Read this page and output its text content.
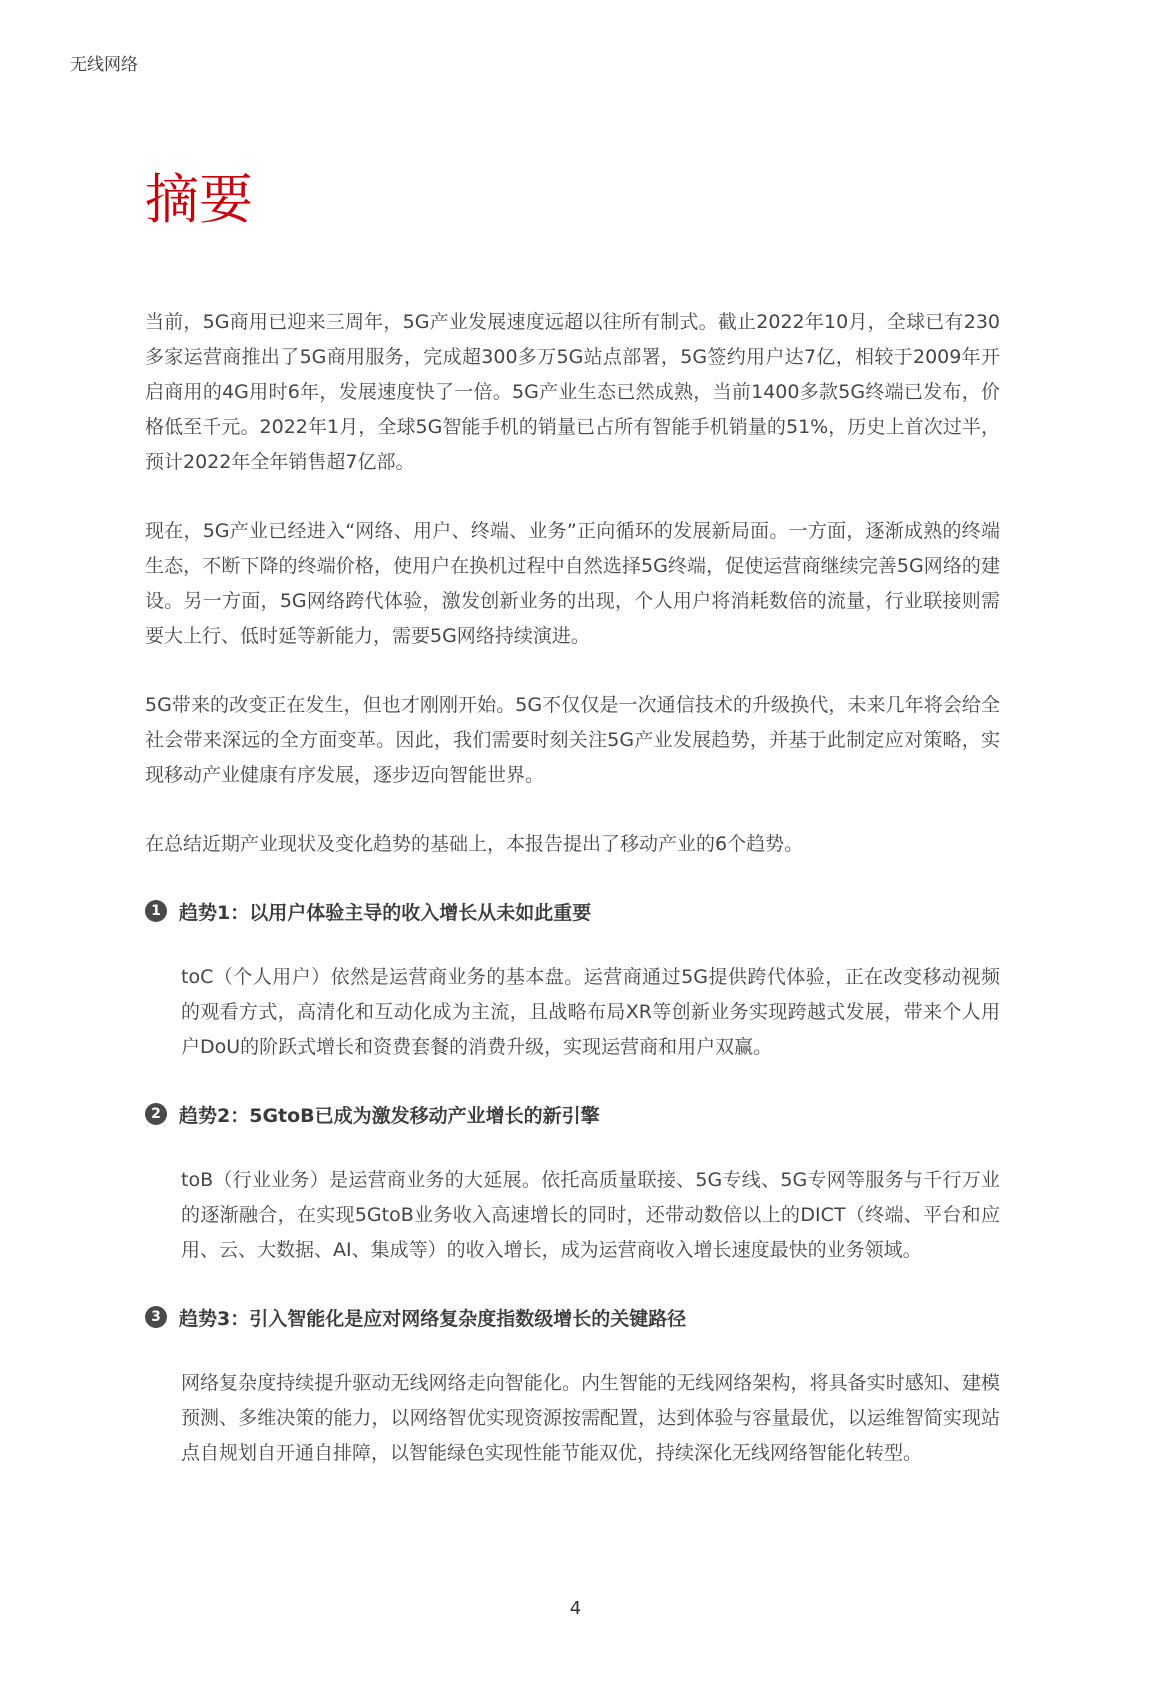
无线网络
摘要

当前，5G商用已迎来三周年，5G产业发展速度远超以往所有制式。截止2022年10月，全球已有230多家运营商推出了5G商用服务，完成超300多万5G站点部署，5G签约用户达7亿，相较于2009年开启商用的4G用时6年，发展速度快了一倍。5G产业生态已然成熟，当前1400多款5G终端已发布，价格低至千元。2022年1月，全球5G智能手机的销量已占所有智能手机销量的51%，历史上首次过半，预计2022年全年销售超7亿部。

现在，5G产业已经进入“网络、用户、终端、业务”正向循环的发展新局面。一方面，逐渐成熟的终端生态，不断下降的终端价格，使用户在换机过程中自然选择5G终端，促使运营商继续完善5G网络的建设。另一方面，5G网络跨代体验，激发创新业务的出现，个人用户将消耗数倍的流量，行业联接则需要大上行、低时延等新能力，需要5G网络持续演进。

5G带来的改变正在发生，但也才刚刚开始。5G不仅仅是一次通信技术的升级换代，未来几年将会给全社会带来深远的全方面变革。因此，我们需要时刻关注5G产业发展趋势，并基于此制定应对策略，实现移动产业健康有序发展，逐步迈向智能世界。

在总结近期产业现状及变化趋势的基础上，本报告提出了移动产业的6个趋势。

1 趋势1：以用户体验主导的收入增长从未如此重要

toC（个人用户）依然是运营商业务的基本盘。运营商通过5G提供跨代体验，正在改变移动视频的观看方式，高清化和互动化成为主流，且战略布局XR等创新业务实现跨越式发展，带来个人用户DoU的阶跃式增长和资费套餐的消费升级，实现运营商和用户双赢。

2 趋势2：5GtoB已成为激发移动产业增长的新引擎

toB（行业业务）是运营商业务的大延展。依托高质量联接、5G专线、5G专网等服务与千行万业的逐渐融合，在实现5GtoB业务收入高速增长的同时，还带动数倍以上的DICT（终端、平台和应用、云、大数据、AI、集成等）的收入增长，成为运营商收入增长速度最快的业务领域。

3 趋势3：引入智能化是应对网络复杂度指数级增长的关键路径

网络复杂度持续提升驱动无线网络走向智能化。内生智能的无线网络架构，将具备实时感知、建模预测、多维决策的能力，以网络智优实现资源按需配置，达到体验与容量最优，以运维智简实现站点自规划自开通自排障，以智能绿色实现性能节能双优，持续深化无线网络智能化转型。

4
